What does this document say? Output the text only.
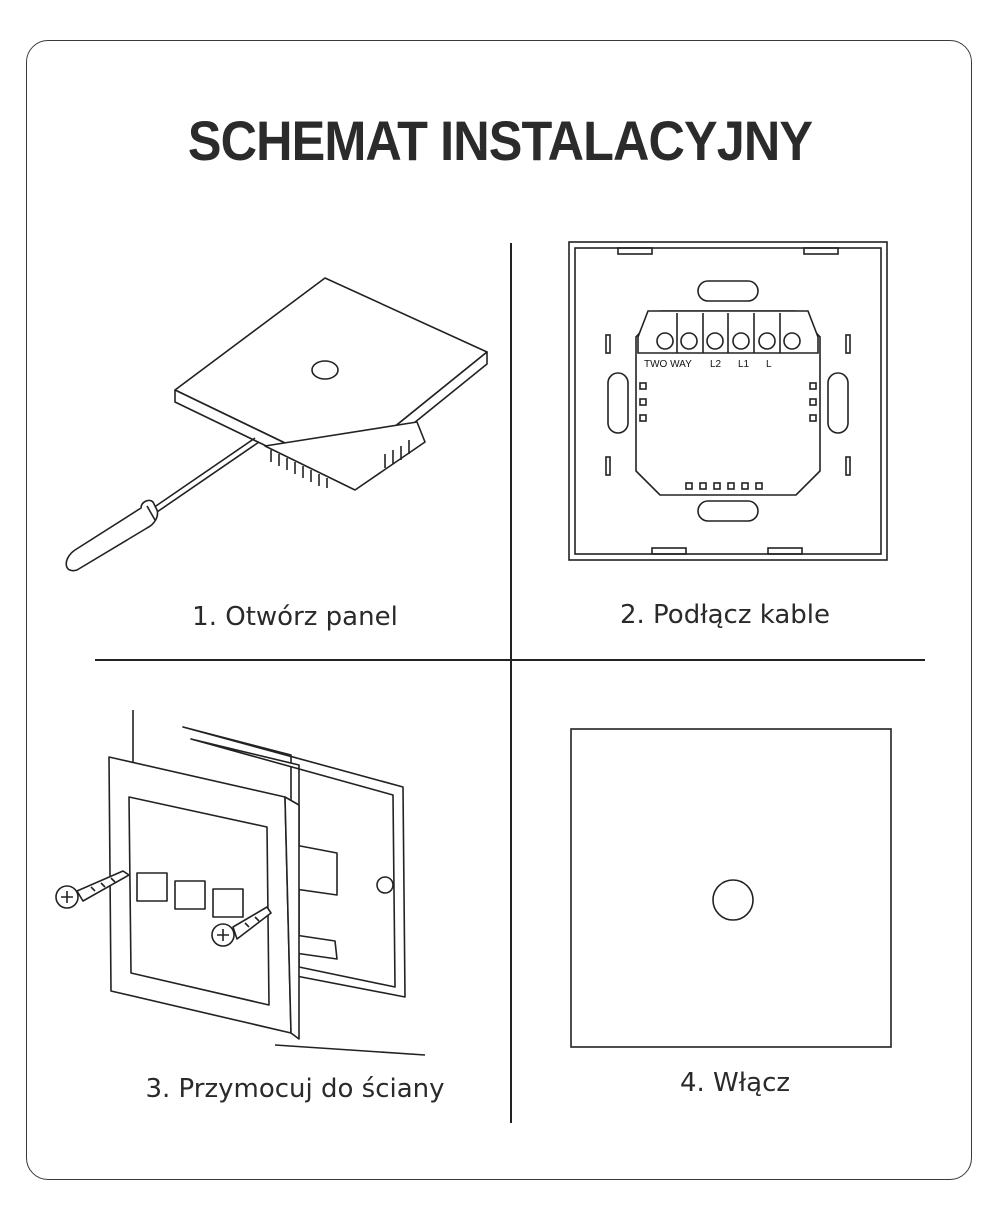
SCHEMAT INSTALACYJNY
TWO WAY L2 L1 L
1. Otwórz panel	2. Podłącz kable
3. Przymocuj do ściany	4. Włącz
